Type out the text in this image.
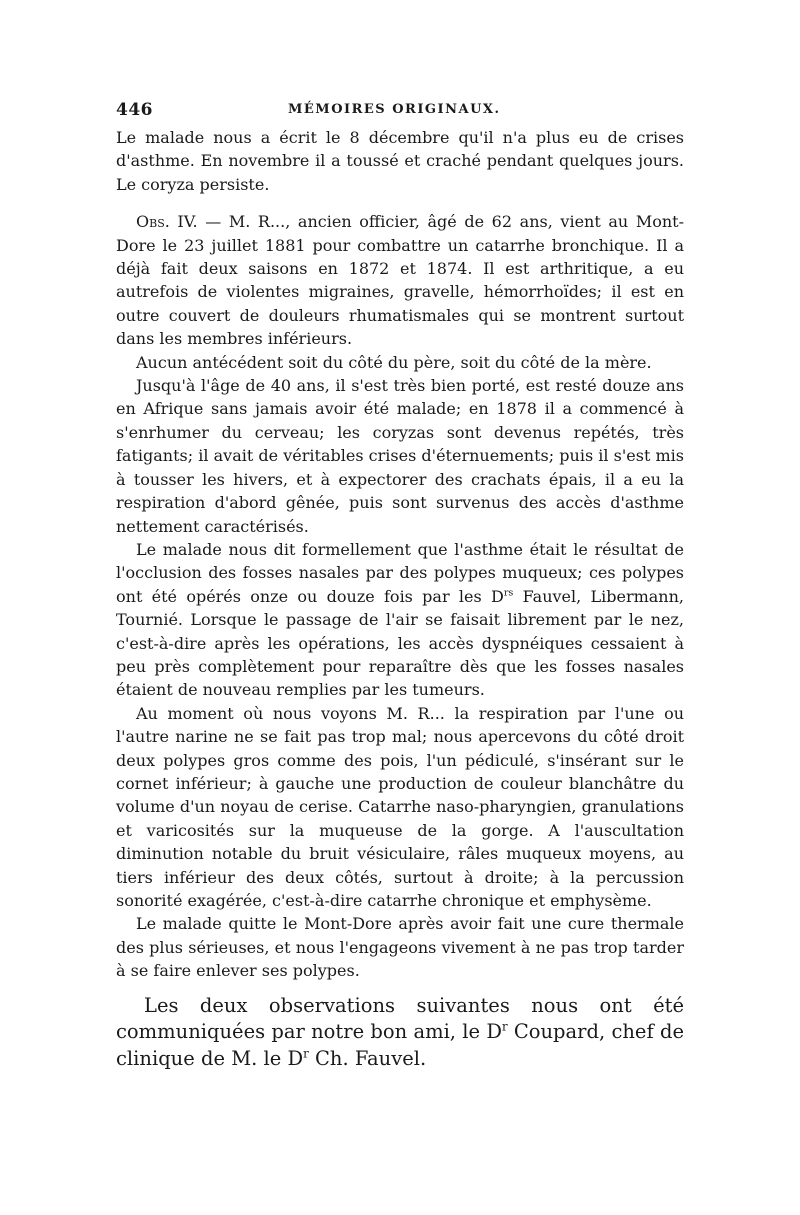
446	MÉMOIRES ORIGINAUX.

Le malade nous a écrit le 8 décembre qu'il n'a plus eu de crises d'asthme. En novembre il a toussé et craché pendant quelques jours. Le coryza persiste.

Obs. IV. — M. R..., ancien officier, âgé de 62 ans, vient au Mont-Dore le 23 juillet 1881 pour combattre un catarrhe bronchique. Il a déjà fait deux saisons en 1872 et 1874. Il est arthritique, a eu autrefois de violentes migraines, gravelle, hémorrhoïdes; il est en outre couvert de douleurs rhumatismales qui se montrent surtout dans les membres inférieurs.

Aucun antécédent soit du côté du père, soit du côté de la mère.

Jusqu'à l'âge de 40 ans, il s'est très bien porté, est resté douze ans en Afrique sans jamais avoir été malade; en 1878 il a commencé à s'enrhumer du cerveau; les coryzas sont devenus repétés, très fatigants; il avait de véritables crises d'éternuements; puis il s'est mis à tousser les hivers, et à expectorer des crachats épais, il a eu la respiration d'abord gênée, puis sont survenus des accès d'asthme nettement caractérisés.

Le malade nous dit formellement que l'asthme était le résultat de l'occlusion des fosses nasales par des polypes muqueux; ces polypes ont été opérés onze ou douze fois par les $D^{rs}$ Fauvel, Libermann, Tournié. Lorsque le passage de l'air se faisait librement par le nez, c'est-à-dire après les opérations, les accès dyspnéiques cessaient à peu près complètement pour reparaître dès que les fosses nasales étaient de nouveau remplies par les tumeurs.

Au moment où nous voyons M. R... la respiration par l'une ou l'autre narine ne se fait pas trop mal; nous apercevons du côté droit deux polypes gros comme des pois, l'un pédiculé, s'insérant sur le cornet inférieur; à gauche une production de couleur blanchâtre du volume d'un noyau de cerise. Catarrhe naso-pharyngien, granulations et varicosités sur la muqueuse de la gorge. A l'auscultation diminution notable du bruit vésiculaire, râles muqueux moyens, au tiers inférieur des deux côtés, surtout à droite; à la percussion sonorité exagérée, c'est-à-dire catarrhe chronique et emphysème.

Le malade quitte le Mont-Dore après avoir fait une cure thermale des plus sérieuses, et nous l'engageons vivement à ne pas trop tarder à se faire enlever ses polypes.

Les deux observations suivantes nous ont été communiquées par notre bon ami, le $D^r$ Coupard, chef de clinique de M. le $D^r$ Ch. Fauvel.
